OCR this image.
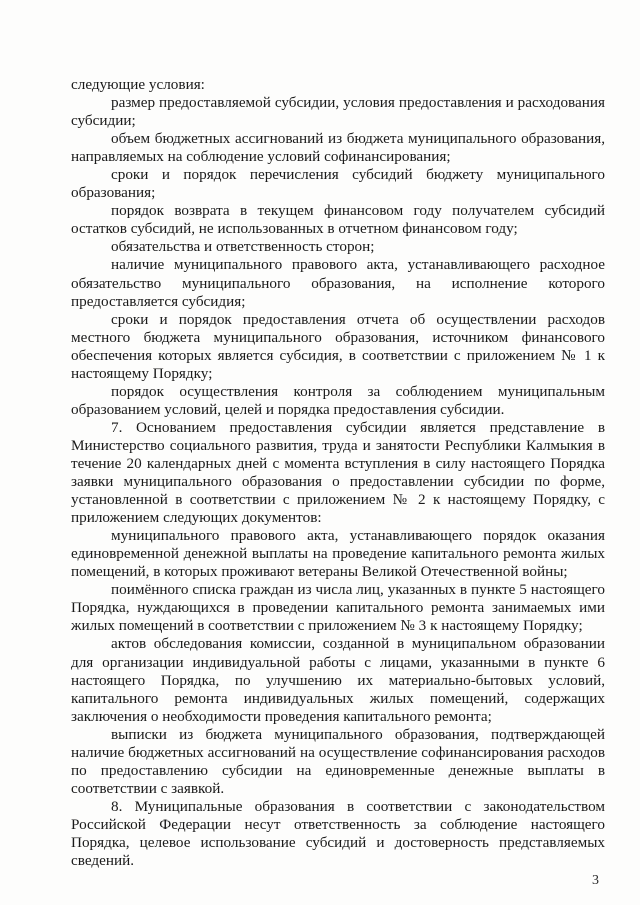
следующие условия:

размер предоставляемой субсидии, условия предоставления и расходования субсидии;

объем бюджетных ассигнований из бюджета муниципального образования, направляемых на соблюдение условий софинансирования;

сроки и порядок перечисления субсидий бюджету муниципального образования;

порядок возврата в текущем финансовом году получателем субсидий остатков субсидий, не использованных в отчетном финансовом году;

обязательства и ответственность сторон;

наличие муниципального правового акта, устанавливающего расходное обязательство муниципального образования, на исполнение которого предоставляется субсидия;

сроки и порядок предоставления отчета об осуществлении расходов местного бюджета муниципального образования, источником финансового обеспечения которых является субсидия, в соответствии с приложением № 1 к настоящему Порядку;

порядок осуществления контроля за соблюдением муниципальным образованием условий, целей и порядка предоставления субсидии.

7. Основанием предоставления субсидии является представление в Министерство социального развития, труда и занятости Республики Калмыкия в течение 20 календарных дней с момента вступления в силу настоящего Порядка заявки муниципального образования о предоставлении субсидии по форме, установленной в соответствии с приложением № 2 к настоящему Порядку, с приложением следующих документов:

муниципального правового акта, устанавливающего порядок оказания единовременной денежной выплаты на проведение капитального ремонта жилых помещений, в которых проживают ветераны Великой Отечественной войны;

поимённого списка граждан из числа лиц, указанных в пункте 5 настоящего Порядка, нуждающихся в проведении капитального ремонта занимаемых ими жилых помещений в соответствии с приложением № 3 к настоящему Порядку;

актов обследования комиссии, созданной в муниципальном образовании для организации индивидуальной работы с лицами, указанными в пункте 6 настоящего Порядка, по улучшению их материально-бытовых условий, капитального ремонта индивидуальных жилых помещений, содержащих заключения о необходимости проведения капитального ремонта;

выписки из бюджета муниципального образования, подтверждающей наличие бюджетных ассигнований на осуществление софинансирования расходов по предоставлению субсидии на единовременные денежные выплаты в соответствии с заявкой.

8. Муниципальные образования в соответствии с законодательством Российской Федерации несут ответственность за соблюдение настоящего Порядка, целевое использование субсидий и достоверность представляемых сведений.

3
